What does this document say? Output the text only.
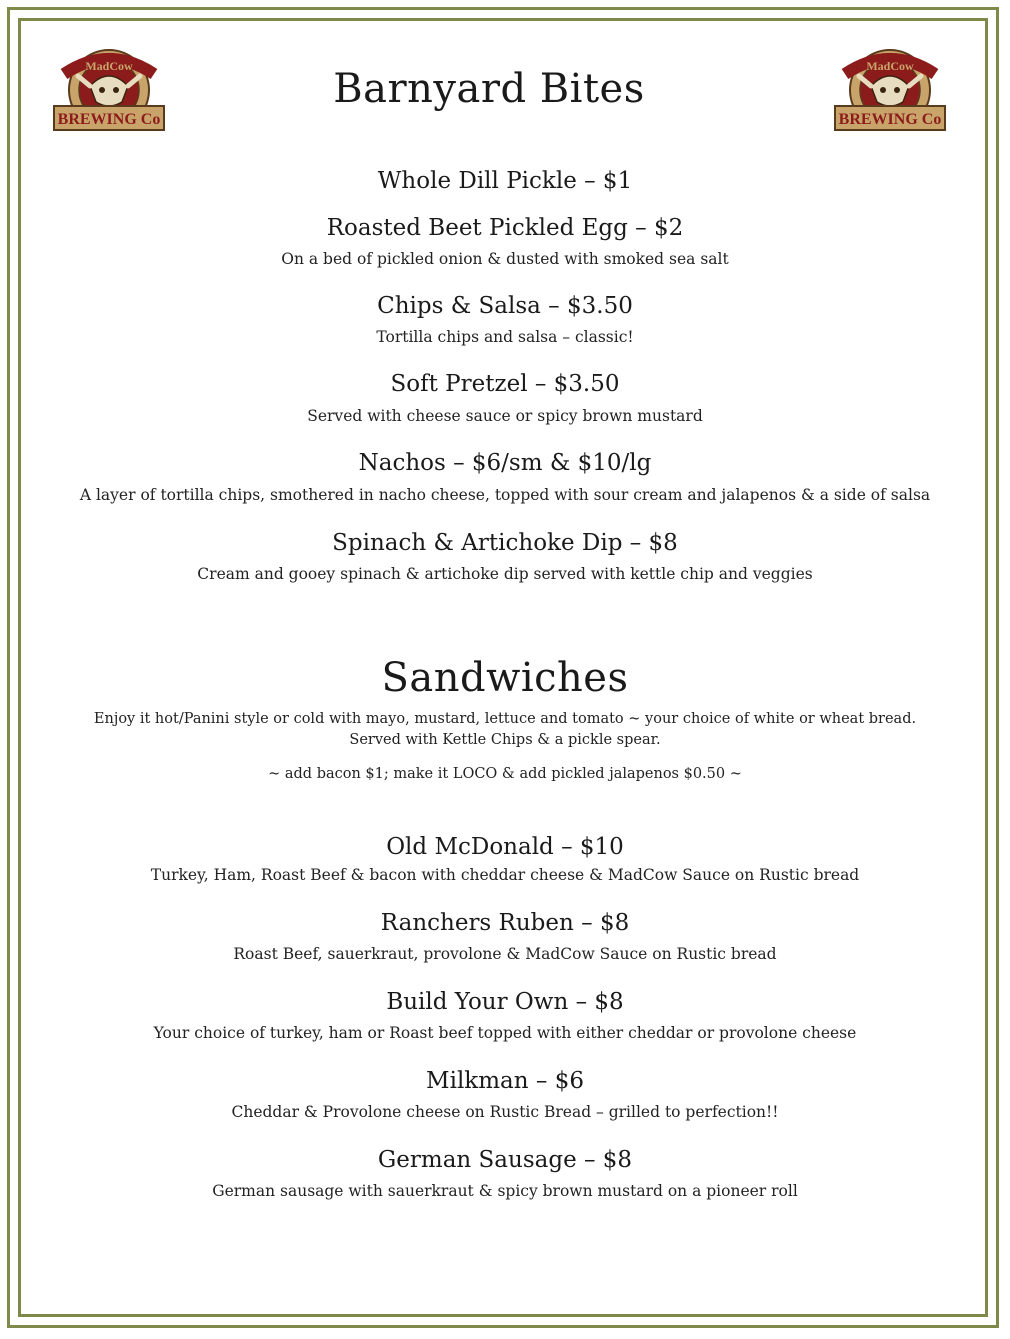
MadCow
BREWING Co
MadCow
BREWING Co
Barnyard Bites

Whole Dill Pickle – $1

Roasted Beet Pickled Egg – $2

On a bed of pickled onion & dusted with smoked sea salt

Chips & Salsa – $3.50

Tortilla chips and salsa – classic!

Soft Pretzel – $3.50

Served with cheese sauce or spicy brown mustard

Nachos – $6/sm & $10/lg

A layer of tortilla chips, smothered in nacho cheese, topped with sour cream and jalapenos & a side of salsa

Spinach & Artichoke Dip – $8

Cream and gooey spinach & artichoke dip served with kettle chip and veggies

Sandwiches

Enjoy it hot/Panini style or cold with mayo, mustard, lettuce and tomato ~ your choice of white or wheat bread.

Served with Kettle Chips & a pickle spear.

~ add bacon $1; make it LOCO & add pickled jalapenos $0.50 ~

Old McDonald – $10

Turkey, Ham, Roast Beef & bacon with cheddar cheese & MadCow Sauce on Rustic bread

Ranchers Ruben – $8

Roast Beef, sauerkraut, provolone & MadCow Sauce on Rustic bread

Build Your Own – $8

Your choice of turkey, ham or Roast beef topped with either cheddar or provolone cheese

Milkman – $6

Cheddar & Provolone cheese on Rustic Bread – grilled to perfection!!

German Sausage – $8

German sausage with sauerkraut & spicy brown mustard on a pioneer roll
